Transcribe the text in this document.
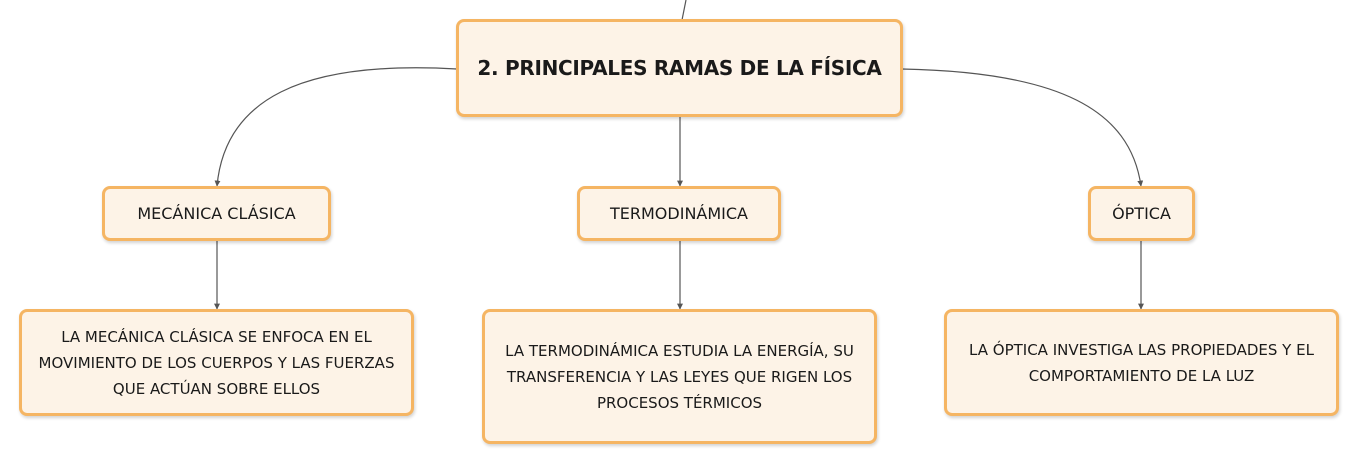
2. PRINCIPALES RAMAS DE LA FÍSICA
MECÁNICA CLÁSICA	TERMODINÁMICA	ÓPTICA
LA MECÁNICA CLÁSICA SE ENFOCA EN EL MOVIMIENTO DE LOS CUERPOS Y LAS FUERZAS QUE ACTÚAN SOBRE ELLOS
LA TERMODINÁMICA ESTUDIA LA ENERGÍA, SU TRANSFERENCIA Y LAS LEYES QUE RIGEN LOS PROCESOS TÉRMICOS
LA ÓPTICA INVESTIGA LAS PROPIEDADES Y EL COMPORTAMIENTO DE LA LUZ
